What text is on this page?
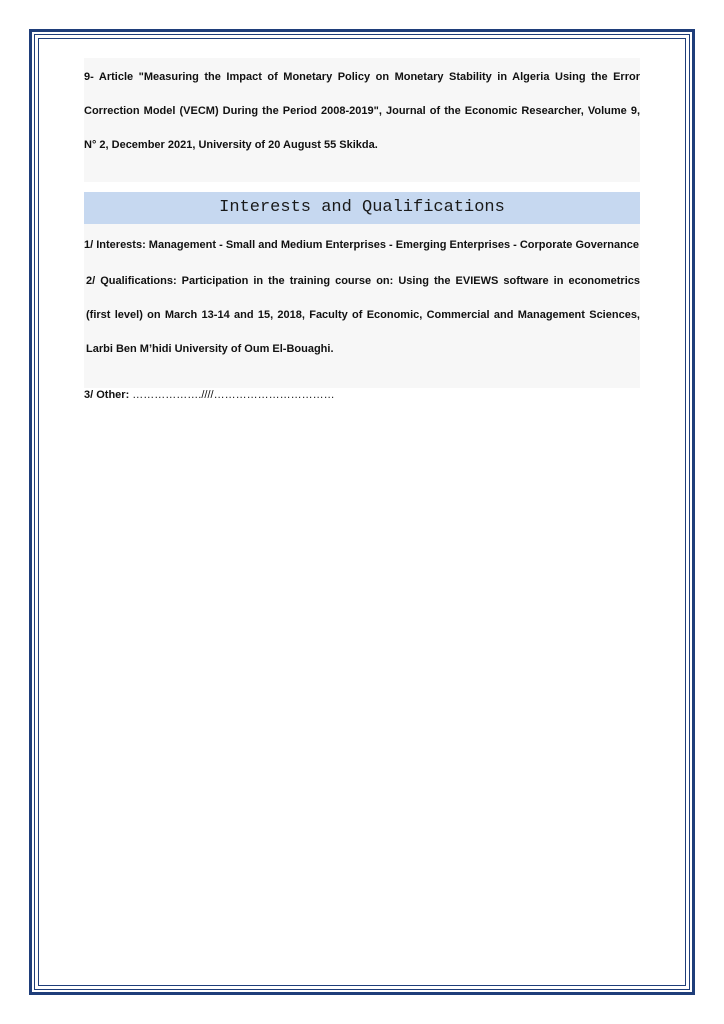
9- Article "Measuring the Impact of Monetary Policy on Monetary Stability in Algeria Using the Error Correction Model (VECM) During the Period 2008-2019", Journal of the Economic Researcher, Volume 9, N° 2, December 2021, University of 20 August 55 Skikda.
Interests and Qualifications

1/ Interests: Management - Small and Medium Enterprises - Emerging Enterprises - Corporate Governance

2/ Qualifications: Participation in the training course on: Using the EVIEWS software in econometrics (first level) on March 13-14 and 15, 2018, Faculty of Economic, Commercial and Management Sciences, Larbi Ben M’hidi University of Oum El-Bouaghi.

3/ Other: ……………….////……………………………
